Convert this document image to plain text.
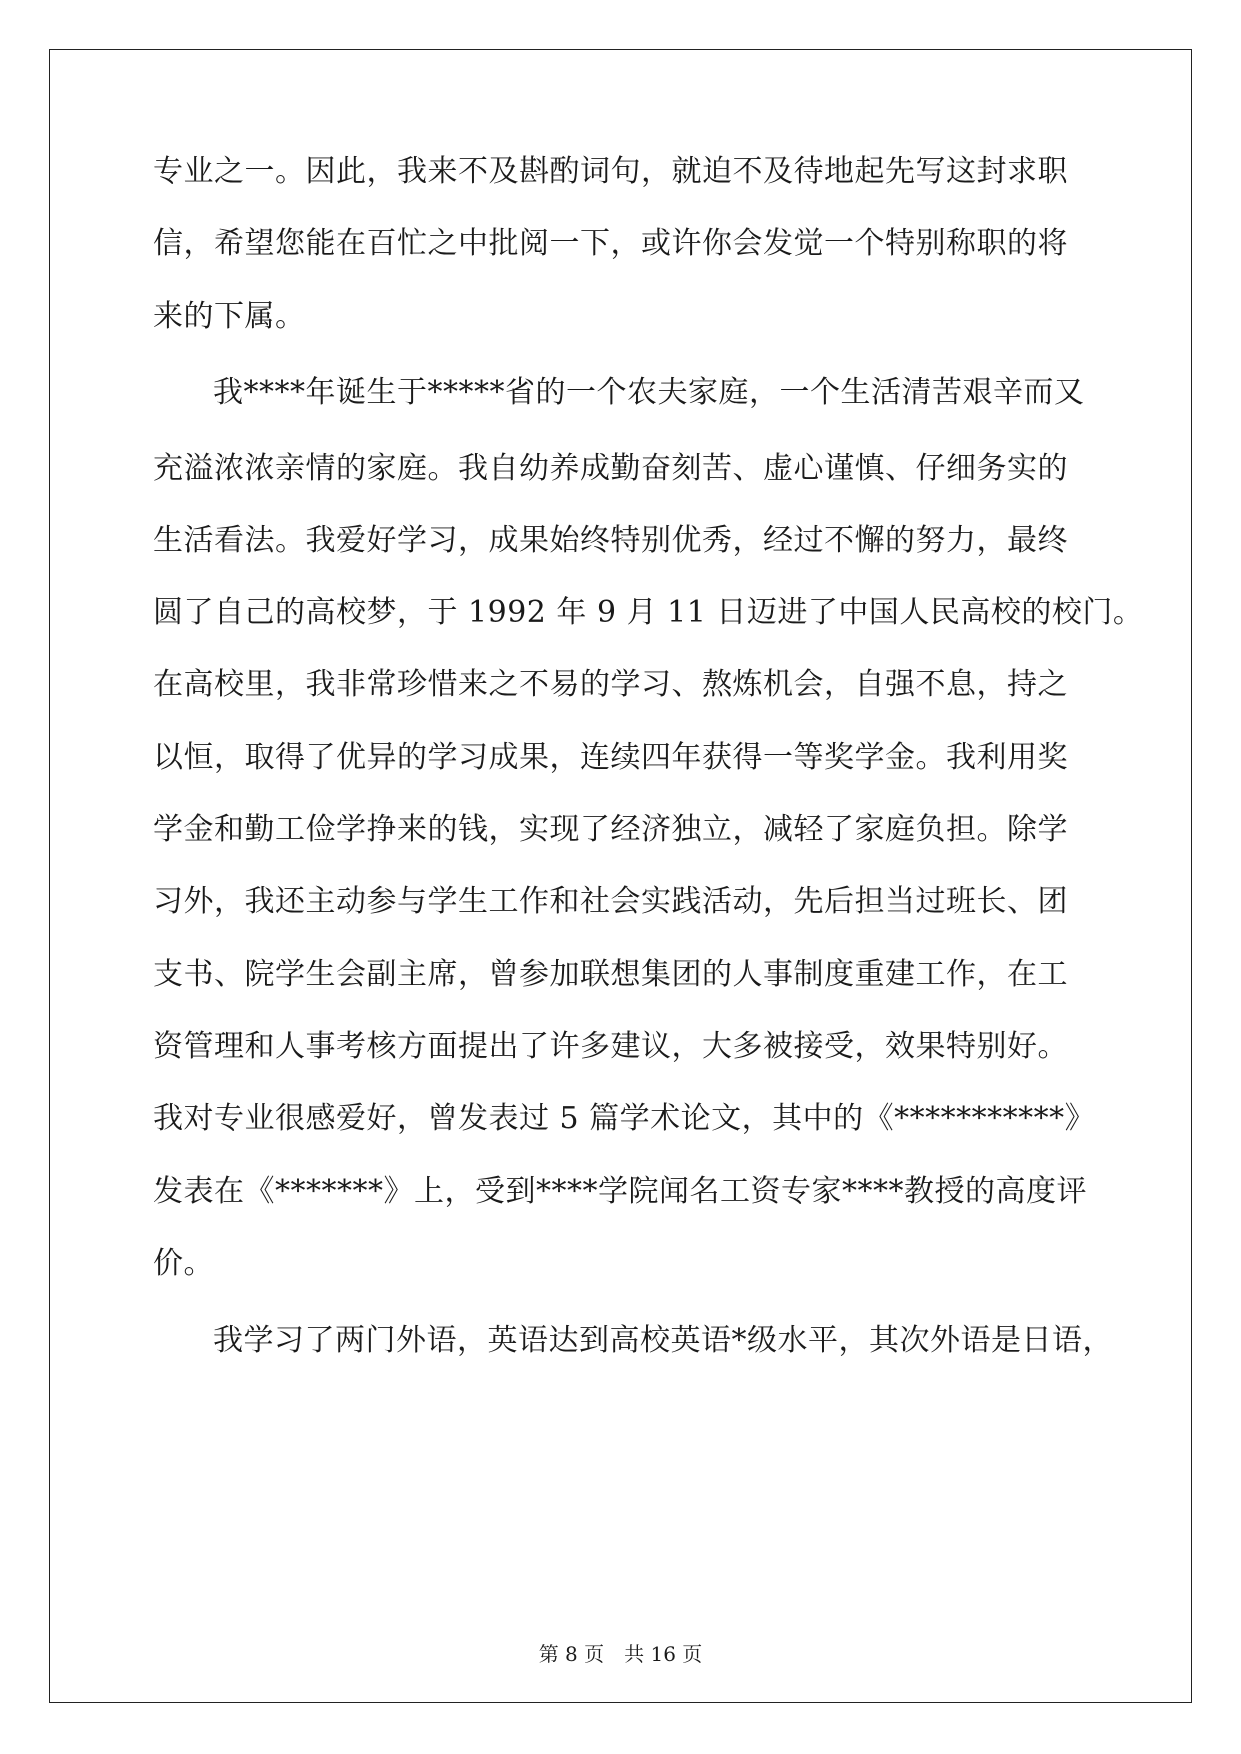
专业之一。因此，我来不及斟酌词句，就迫不及待地起先写这封求职
信，希望您能在百忙之中批阅一下，或许你会发觉一个特别称职的将
来的下属。
我****年诞生于*****省的一个农夫家庭，一个生活清苦艰辛而又
充溢浓浓亲情的家庭。我自幼养成勤奋刻苦、虚心谨慎、仔细务实的
生活看法。我爱好学习，成果始终特别优秀，经过不懈的努力，最终
圆了自己的高校梦，于 1992 年 9 月 11 日迈进了中国人民高校的校门。
在高校里，我非常珍惜来之不易的学习、熬炼机会，自强不息，持之
以恒，取得了优异的学习成果，连续四年获得一等奖学金。我利用奖
学金和勤工俭学挣来的钱，实现了经济独立，减轻了家庭负担。除学
习外，我还主动参与学生工作和社会实践活动，先后担当过班长、团
支书、院学生会副主席，曾参加联想集团的人事制度重建工作，在工
资管理和人事考核方面提出了许多建议，大多被接受，效果特别好。
我对专业很感爱好，曾发表过 5 篇学术论文，其中的《***********》
发表在《*******》上，受到****学院闻名工资专家****教授的高度评
价。
我学习了两门外语，英语达到高校英语*级水平，其次外语是日语，
第 8 页　共 16 页
